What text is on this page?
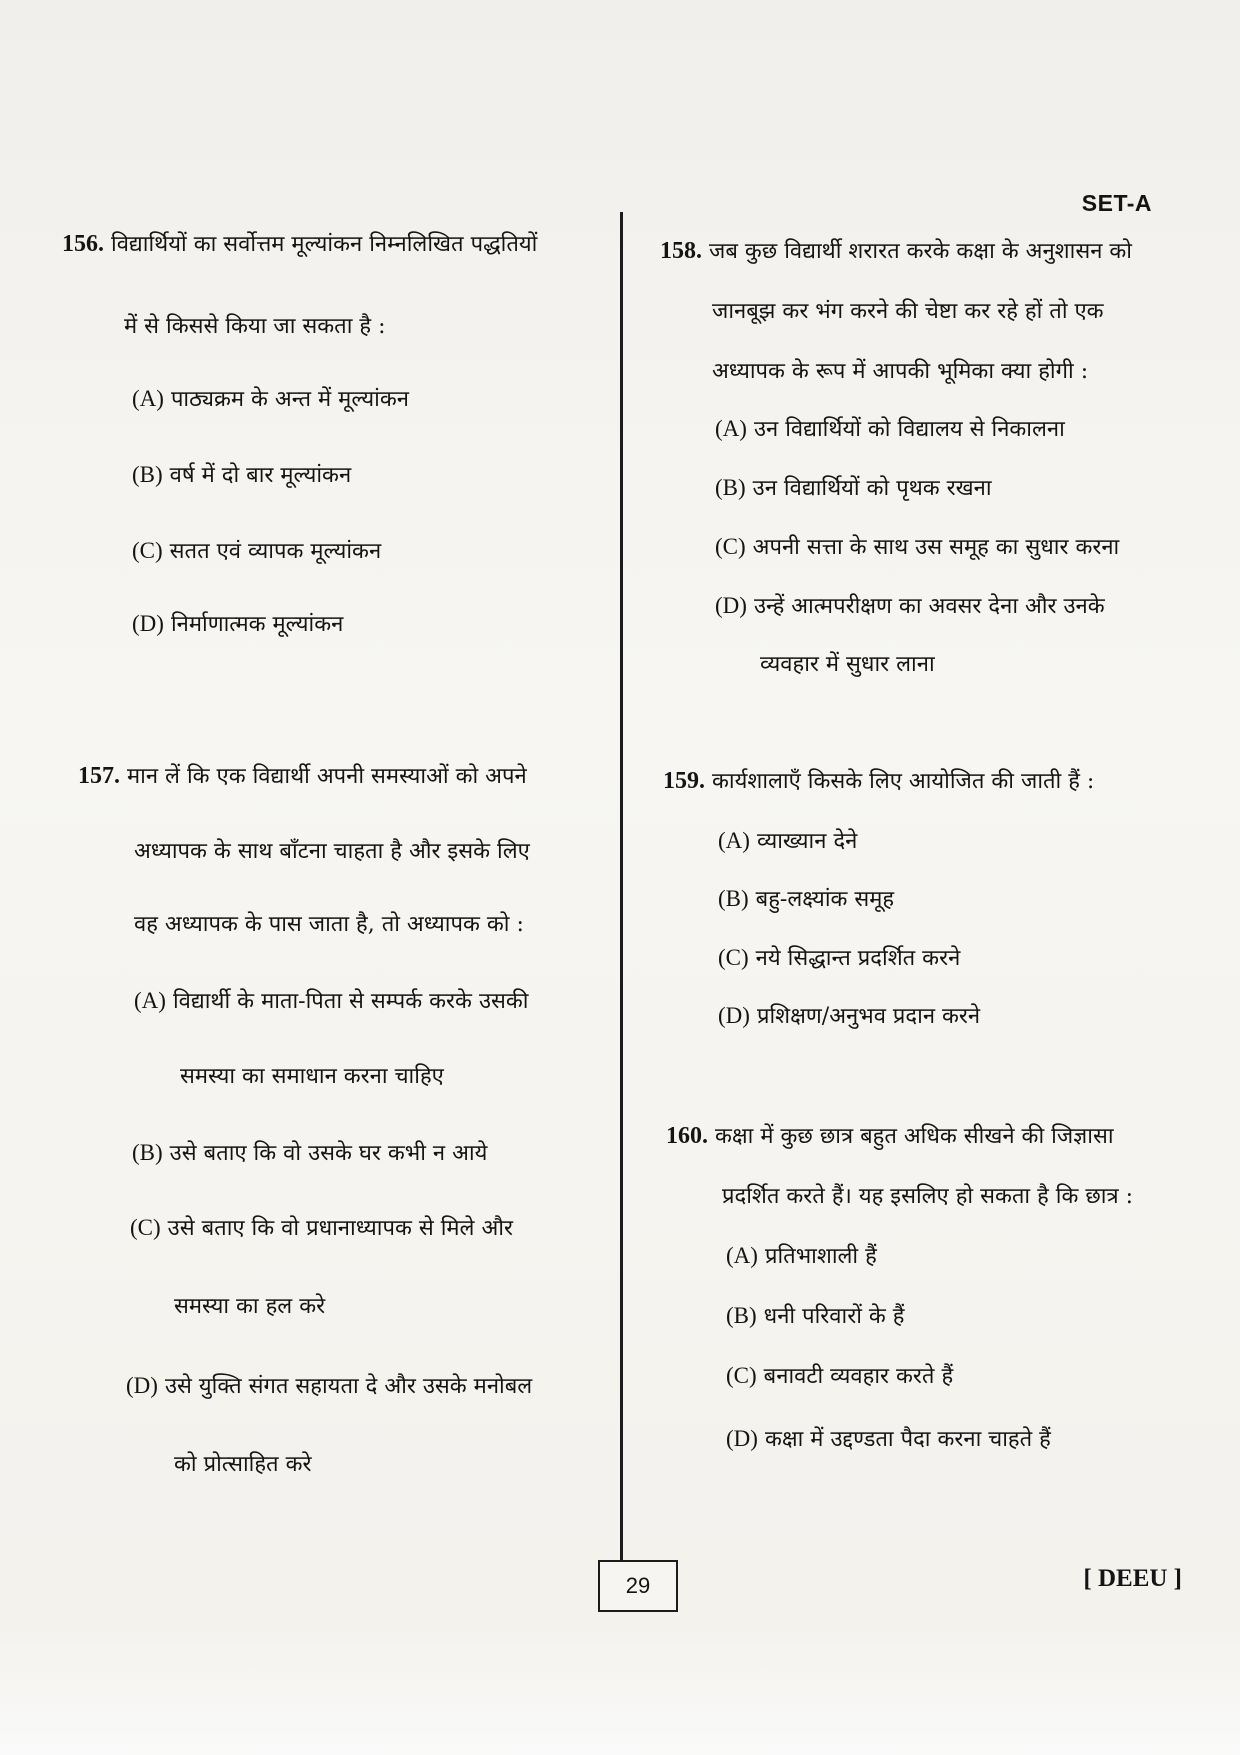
SET-A
156. विद्यार्थियों का सर्वोत्तम मूल्यांकन निम्नलिखित पद्धतियों
में से किससे किया जा सकता है :
(A) पाठ्यक्रम के अन्त में मूल्यांकन
(B) वर्ष में दो बार मूल्यांकन
(C) सतत एवं व्यापक मूल्यांकन
(D) निर्माणात्मक मूल्यांकन
157. मान लें कि एक विद्यार्थी अपनी समस्याओं को अपने
अध्यापक के साथ बाँटना चाहता है और इसके लिए
वह अध्यापक के पास जाता है, तो अध्यापक को :
(A) विद्यार्थी के माता-पिता से सम्पर्क करके उसकी
समस्या का समाधान करना चाहिए
(B) उसे बताए कि वो उसके घर कभी न आये
(C) उसे बताए कि वो प्रधानाध्यापक से मिले और
समस्या का हल करे
(D) उसे युक्ति संगत सहायता दे और उसके मनोबल
को प्रोत्साहित करे
158. जब कुछ विद्यार्थी शरारत करके कक्षा के अनुशासन को
जानबूझ कर भंग करने की चेष्टा कर रहे हों तो एक
अध्यापक के रूप में आपकी भूमिका क्या होगी :
(A) उन विद्यार्थियों को विद्यालय से निकालना
(B) उन विद्यार्थियों को पृथक रखना
(C) अपनी सत्ता के साथ उस समूह का सुधार करना
(D) उन्हें आत्मपरीक्षण का अवसर देना और उनके
व्यवहार में सुधार लाना
159. कार्यशालाएँ किसके लिए आयोजित की जाती हैं :
(A) व्याख्यान देने
(B) बहु-लक्ष्यांक समूह
(C) नये सिद्धान्त प्रदर्शित करने
(D) प्रशिक्षण/अनुभव प्रदान करने
160. कक्षा में कुछ छात्र बहुत अधिक सीखने की जिज्ञासा
प्रदर्शित करते हैं। यह इसलिए हो सकता है कि छात्र :
(A) प्रतिभाशाली हैं
(B) धनी परिवारों के हैं
(C) बनावटी व्यवहार करते हैं
(D) कक्षा में उद्दण्डता पैदा करना चाहते हैं
29	[ DEEU ]
